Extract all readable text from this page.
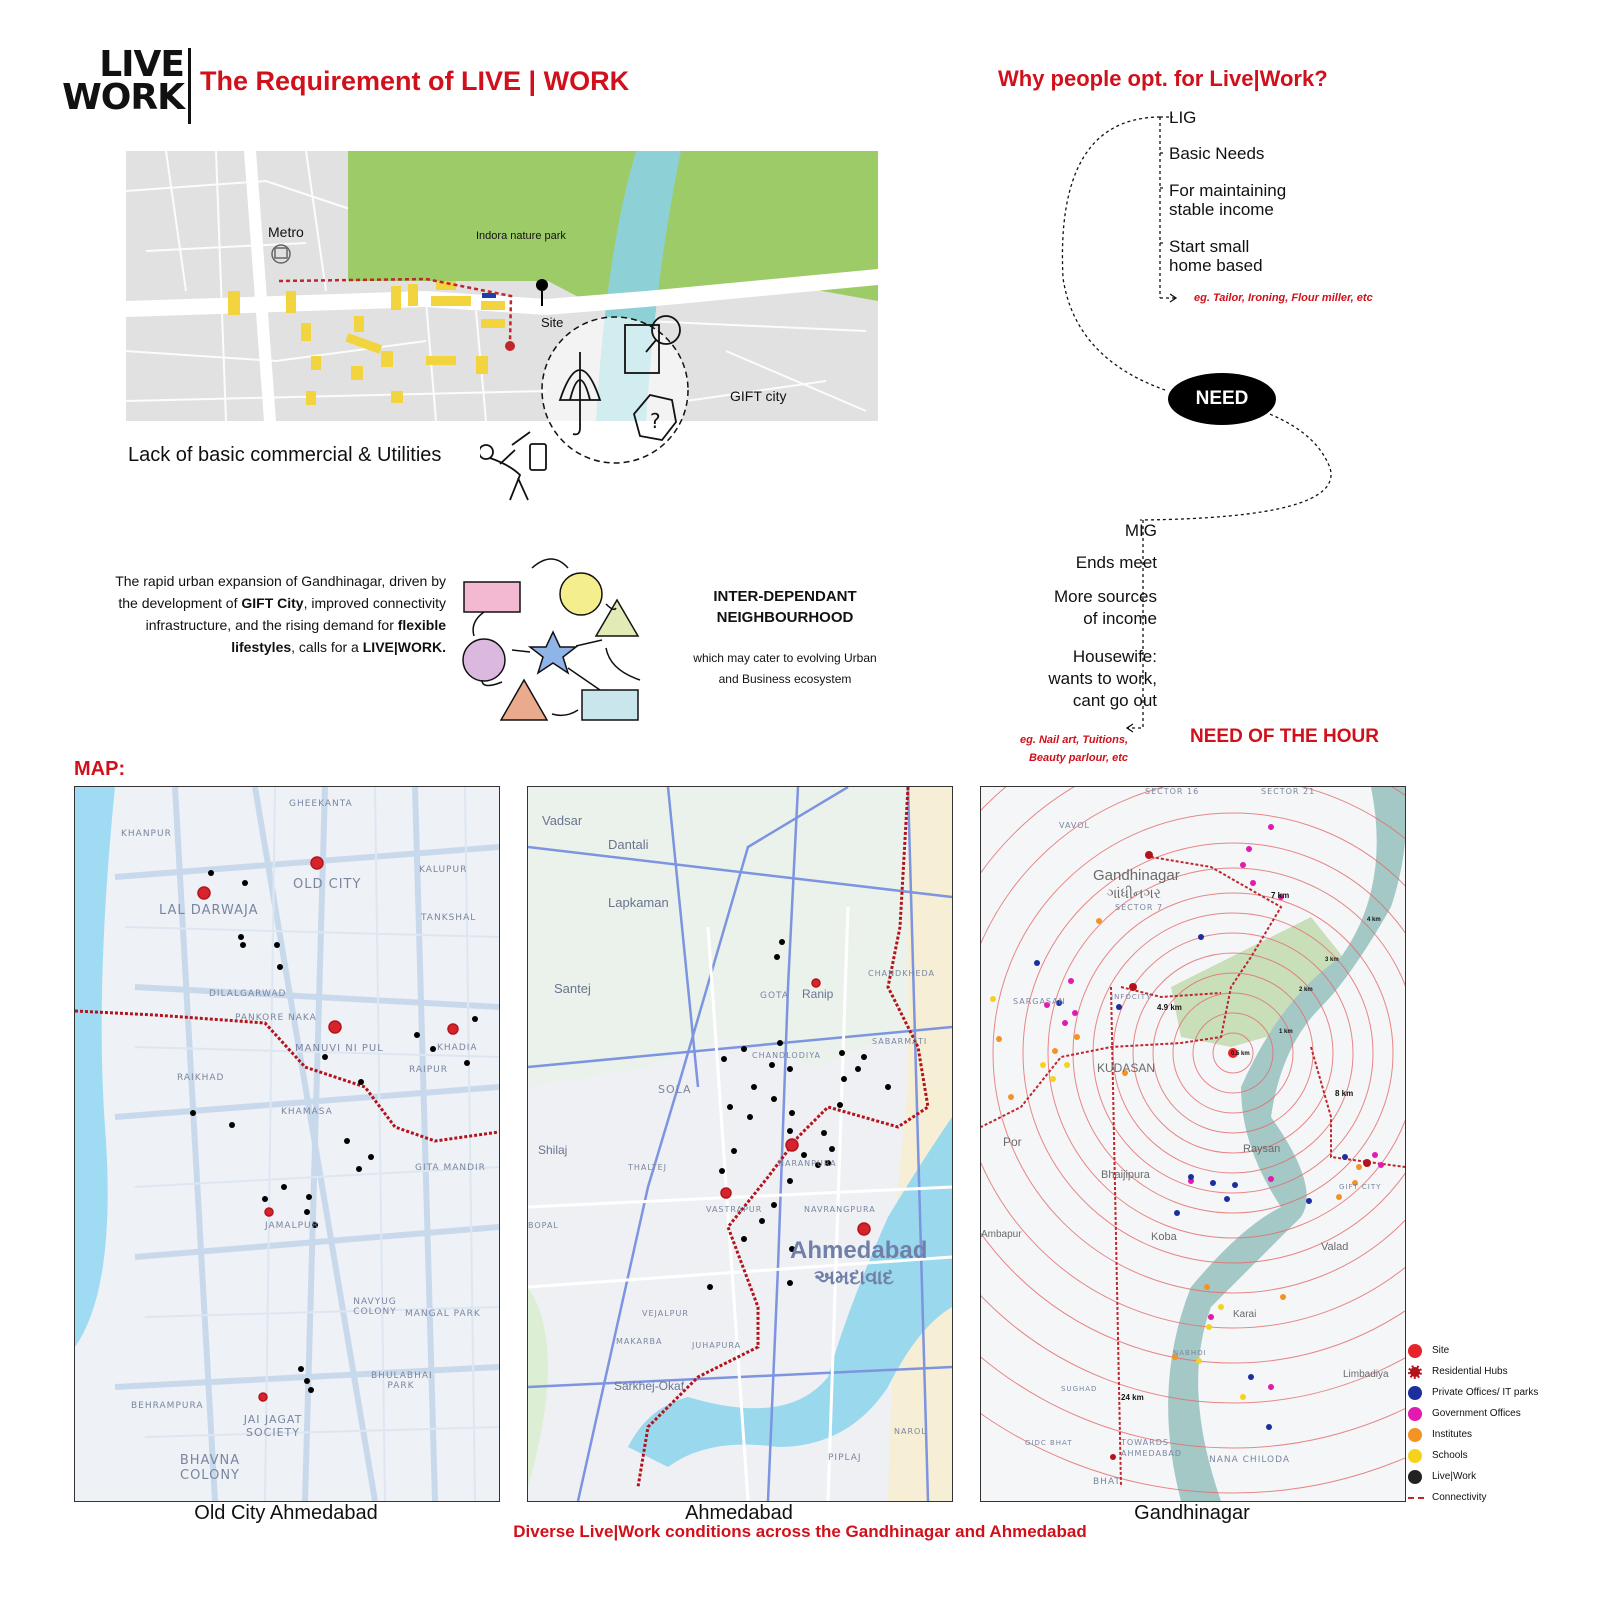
LIVE
WORK The Requirement of LIVE | WORK
Metro	Indora nature park
Site
GIFT city
?
Lack of basic commercial & Utilities
Why people opt. for Live|Work?
LIG
Basic Needs
For maintaining
stable income
Start small
home based
eg. Tailor, Ironing, Flour miller, etc
NEED
MIG
Ends meet
More sources
of income
Housewife:
wants to work,
cant go out
eg. Nail art, Tuitions,
Beauty parlour, etc
NEED OF THE HOUR
The rapid urban expansion of Gandhinagar, driven by the development of GIFT City, improved connectivity infrastructure, and the rising demand for flexible lifestyles, calls for a LIVE|WORK.
INTER-DEPENDANT
NEIGHBOURHOOD
which may cater to evolving Urban
and Business ecosystem
MAP:
KHANPUR
GHEEKANTA
OLD CITY
LAL DARWAJA
KALUPUR
TANKSHAL
DILALGARWAD
PANKORE NAKA
MANUVI NI PUL	KHADIA
RAIPUR
RAIKHAD
KHAMASA
JAMALPUR
GITA MANDIR
NAVYUG COLONY MANGAL PARK
BHULABHAI PARK
BEHRAMPURA
JAI JAGAT SOCIETY
BHAVNA COLONY
Old City Ahmedabad
Vadsar
Dantali
Lapkaman
Santej	GOTA Ranip
CHANDKHEDA
SABARMATI
CHANDLODIYA
SOLA
Shilaj
THALTEJ	NARANPURA
VASTRAPUR	NAVRANGPURA
Ahmedabad
અમદાવાદ
BOPAL
VEJALPUR
MAKARBA	JUHAPURA
Sarkhej-Okaf
PIPLAJ
NAROL
Ahmedabad
SECTOR 16	SECTOR 21
VAVOL
Gandhinagar
ગાંધીનગર
SECTOR 7
SARGASAN	INFOCITY
KUDASAN
Por	Raysan
Bhaijipura
Koba
Ambapur
Valad
Karai
NABHOI
SUGHAD
GIFT CITY
Limbadiya
GIDC BHAT	TOWARDS AHMEDABAD
NANA CHILODA
BHAT
0.5 km
1 km
2 km
3 km
4 km
4.9 km
7 km
8 km
24 km
Gandhinagar
Site
Residential Hubs
Private Offices/ IT parks
Government Offices
Institutes
Schools
Live|Work
Connectivity
Diverse Live|Work conditions across the Gandhinagar and Ahmedabad
